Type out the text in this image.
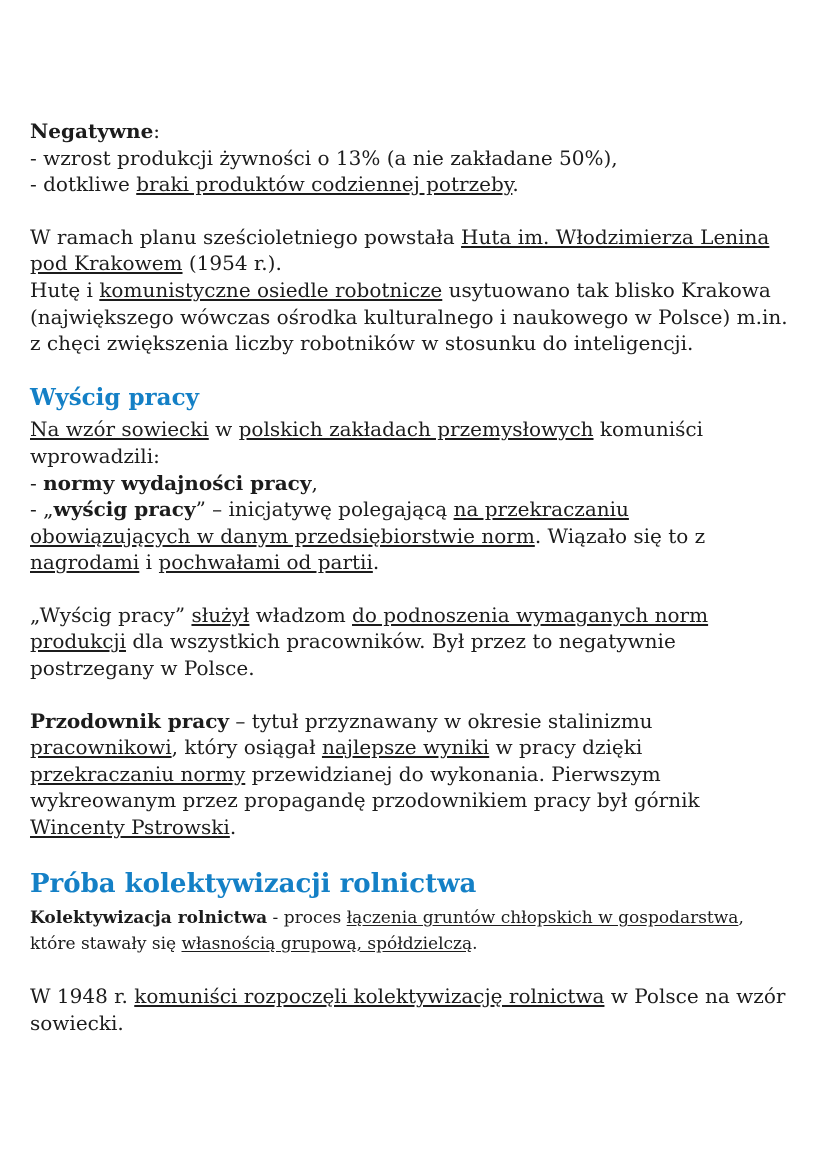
Negatywne:
- wzrost produkcji żywności o 13% (a nie zakładane 50%),
- dotkliwe braki produktów codziennej potrzeby.

W ramach planu sześcioletniego powstała Huta im. Włodzimierza Lenina pod Krakowem (1954 r.).
Hutę i komunistyczne osiedle robotnicze usytuowano tak blisko Krakowa (największego wówczas ośrodka kulturalnego i naukowego w Polsce) m.in. z chęci zwiększenia liczby robotników w stosunku do inteligencji.

Wyścig pracy

Na wzór sowiecki w polskich zakładach przemysłowych komuniści wprowadzili:
- normy wydajności pracy,
- „wyścig pracy” – inicjatywę polegającą na przekraczaniu obowiązujących w danym przedsiębiorstwie norm. Wiązało się to z nagrodami i pochwałami od partii.

„Wyścig pracy” służył władzom do podnoszenia wymaganych norm produkcji dla wszystkich pracowników. Był przez to negatywnie postrzegany w Polsce.

Przodownik pracy – tytuł przyznawany w okresie stalinizmu pracownikowi, który osiągał najlepsze wyniki w pracy dzięki przekraczaniu normy przewidzianej do wykonania. Pierwszym wykreowanym przez propagandę przodownikiem pracy był górnik Wincenty Pstrowski.

Próba kolektywizacji rolnictwa

Kolektywizacja rolnictwa - proces łączenia gruntów chłopskich w gospodarstwa, które stawały się własnością grupową, spółdzielczą.

W 1948 r. komuniści rozpoczęli kolektywizację rolnictwa w Polsce na wzór sowiecki.
